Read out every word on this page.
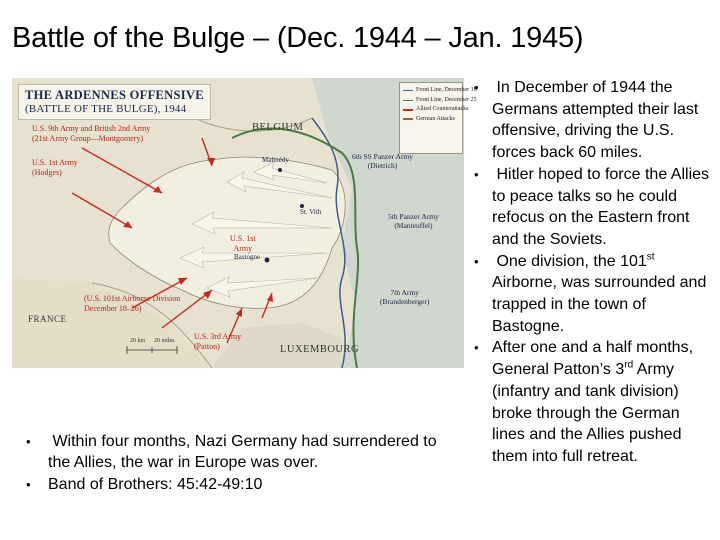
Battle of the Bulge – (Dec. 1944 – Jan. 1945)
THE ARDENNES OFFENSIVE
(BATTLE OF THE BULGE), 1944
Front Line, December 16
Front Line, December 25
Allied Counterattacks
German Attacks
U.S. 9th Army and British 2nd Army
(21st Army Group—Montgomery)
U.S. 1st Army
(Hodges)
BELGIUM
Malmédy	6th SS Panzer Army
(Dietrich)
St. Vith	5th Panzer Army
(Manteuffel)
U.S. 1st
Army
Bastogne
7th Army
(Brandenberger)
(U.S. 101st Airborne Division
December 18–26)
FRANCE
20 km 20 miles U.S. 3rd Army
(Patton)	LUXEMBOURG
•	In December of 1944 the Germans attempted their last offensive, driving the U.S. forces back 60 miles.
•	Hitler hoped to force the Allies to peace talks so he could refocus on the Eastern front and the Soviets.
•	One division, the 101st Airborne, was surrounded and trapped in the town of Bastogne.
• After one and a half months, General Patton’s 3rd Army (infantry and tank division) broke through the German lines and the Allies pushed them into full retreat.
•	Within four months, Nazi Germany had surrendered to the Allies, the war in Europe was over.
•	Band of Brothers: 45:42-49:10
